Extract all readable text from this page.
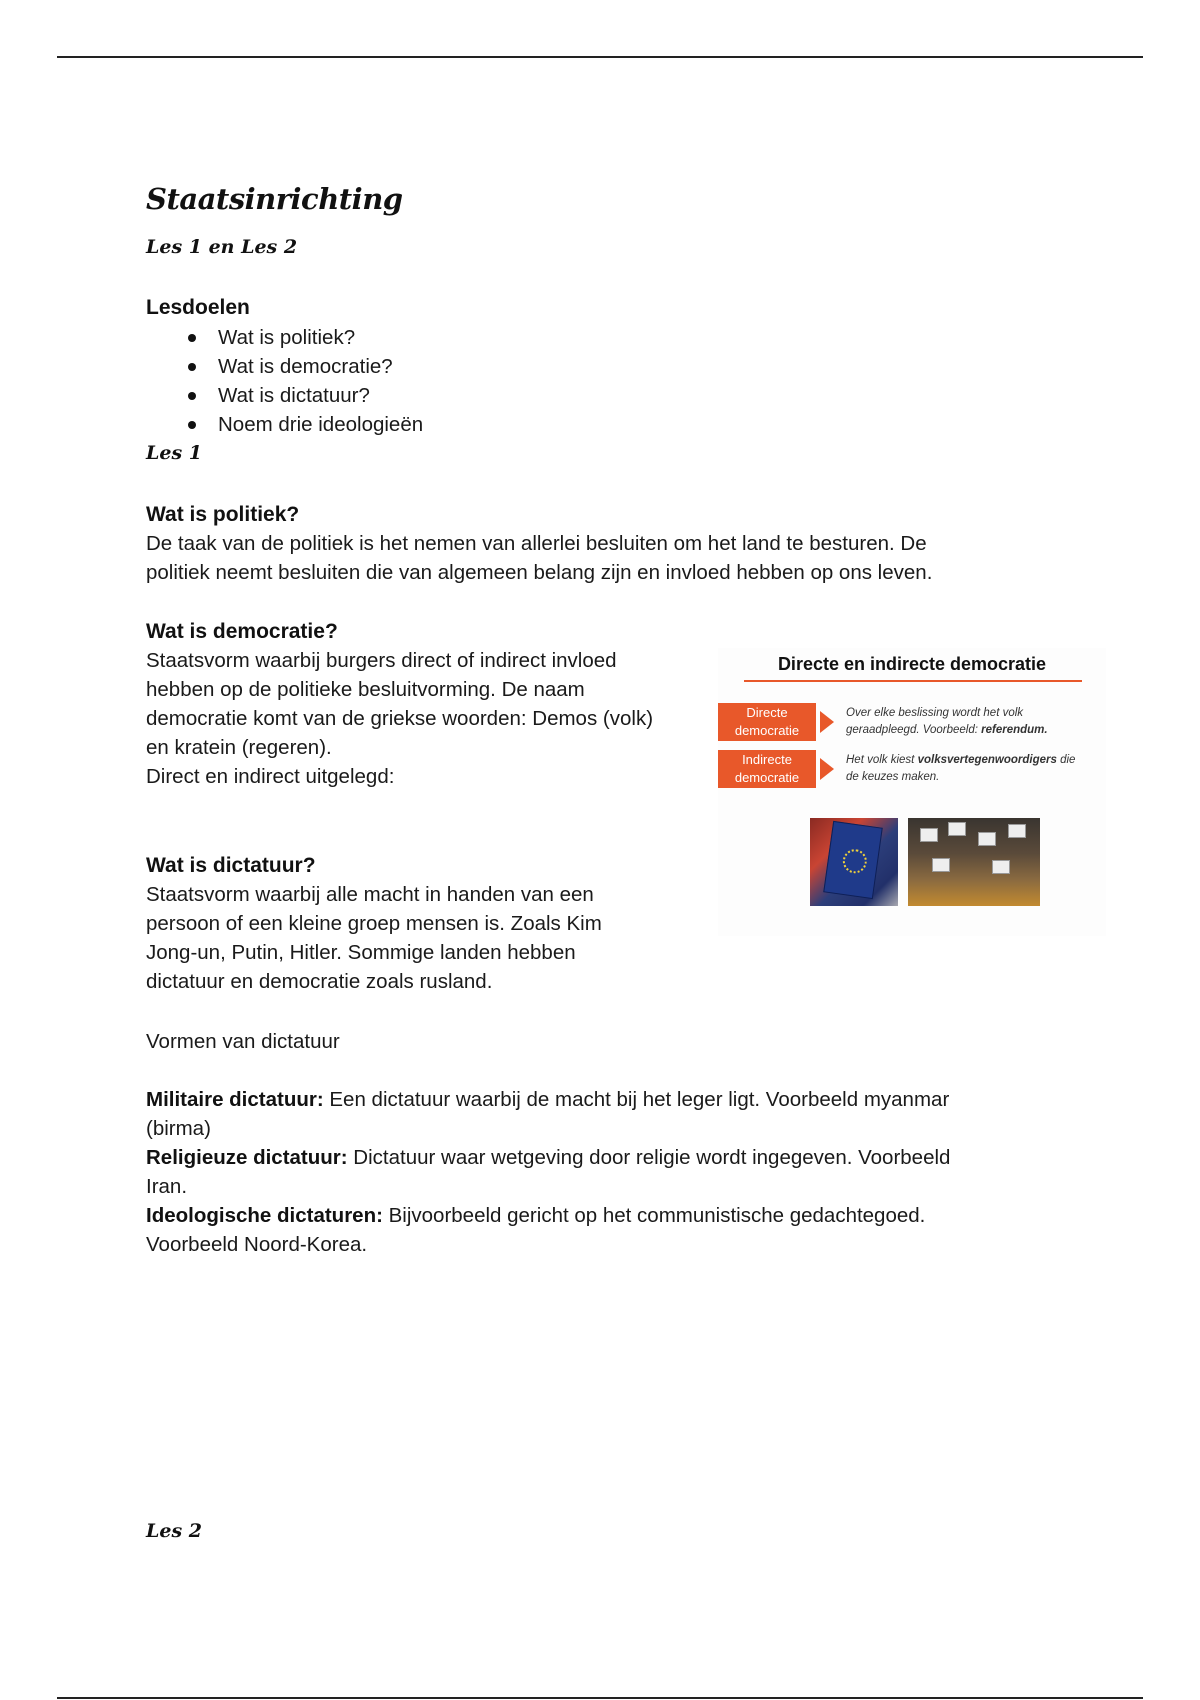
Staatsinrichting
Les 1 en Les 2
Lesdoelen
Wat is politiek?
Wat is democratie?
Wat is dictatuur?
Noem drie ideologieën
Les 1
Wat is politiek?
De taak van de politiek is het nemen van allerlei besluiten om het land te besturen. De
politiek neemt besluiten die van algemeen belang zijn en invloed hebben op ons leven.
Wat is democratie?
Staatsvorm waarbij burgers direct of indirect invloed
hebben op de politieke besluitvorming. De naam
democratie komt van de griekse woorden: Demos (volk)
en kratein (regeren).
Direct en indirect uitgelegd:
Wat is dictatuur?
Staatsvorm waarbij alle macht in handen van een
persoon of een kleine groep mensen is. Zoals Kim
Jong-un, Putin, Hitler. Sommige landen hebben
dictatuur en democratie zoals rusland.
Vormen van dictatuur
Militaire dictatuur: Een dictatuur waarbij de macht bij het leger ligt. Voorbeeld myanmar
(birma)
Religieuze dictatuur: Dictatuur waar wetgeving door religie wordt ingegeven. Voorbeeld
Iran.
Ideologische dictaturen: Bijvoorbeeld gericht op het communistische gedachtegoed.
Voorbeeld Noord-Korea.
Les 2
Directe en indirecte democratie
Directe
democratie
Over elke beslissing wordt het volk
geraadpleegd. Voorbeeld: referendum.
Indirecte
democratie
Het volk kiest volksvertegenwoordigers die
de keuzes maken.
